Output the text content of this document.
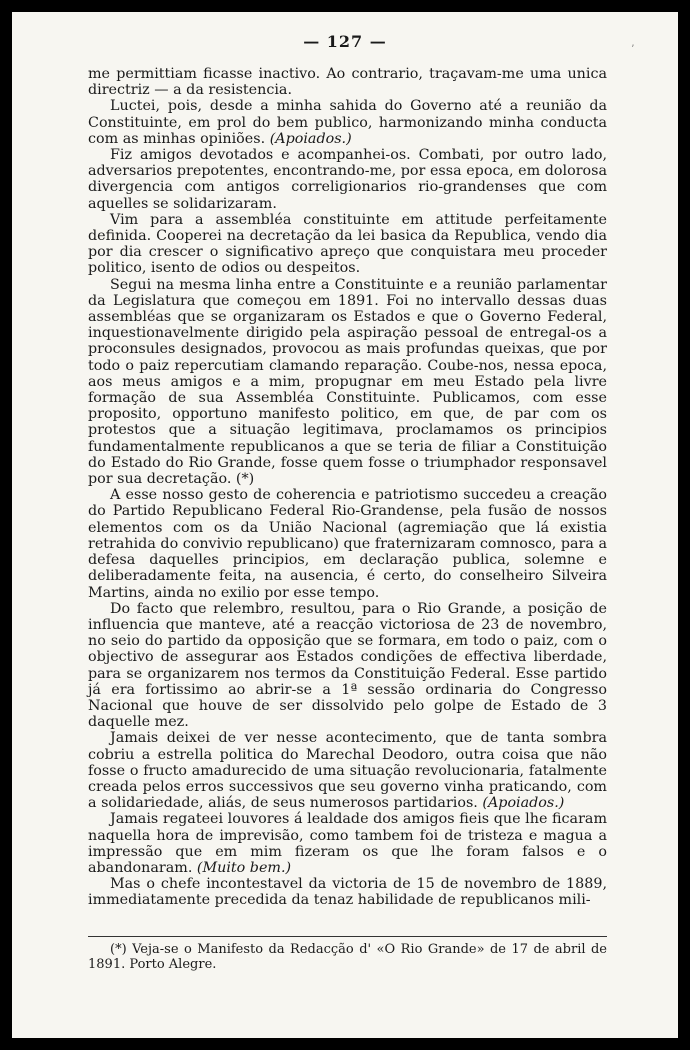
— 127 —	ʼ

me permittiam ficasse inactivo. Ao contrario, traçavam-me uma unica directriz — a da resistencia.

Luctei, pois, desde a minha sahida do Governo até a reunião da Constituinte, em prol do bem publico, harmonizando minha conducta com as minhas opiniões. (Apoiados.)

Fiz amigos devotados e acompanhei-os. Combati, por outro lado, adversarios prepotentes, encontrando-me, por essa epoca, em dolorosa divergencia com antigos correligionarios rio-grandenses que com aquelles se solidarizaram.

Vim para a assembléa constituinte em attitude perfeitamente definida. Cooperei na decretação da lei basica da Republica, vendo dia por dia crescer o significativo apreço que conquistara meu proceder politico, isento de odios ou despeitos.

Segui na mesma linha entre a Constituinte e a reunião parlamentar da Legislatura que começou em 1891. Foi no intervallo dessas duas assembléas que se organizaram os Estados e que o Governo Federal, inquestionavelmente dirigido pela aspiração pessoal de entregal-os a proconsules designados, provocou as mais profundas queixas, que por todo o paiz repercutiam clamando reparação. Coube-nos, nessa epoca, aos meus amigos e a mim, propugnar em meu Estado pela livre formação de sua Assembléa Constituinte. Publicamos, com esse proposito, opportuno manifesto politico, em que, de par com os protestos que a situação legitimava, proclamamos os principios fundamentalmente republicanos a que se teria de filiar a Constituição do Estado do Rio Grande, fosse quem fosse o triumphador responsavel por sua decretação. (*)

A esse nosso gesto de coherencia e patriotismo succedeu a creação do Partido Republicano Federal Rio-Grandense, pela fusão de nossos elementos com os da União Nacional (agremiação que lá existia retrahida do convivio republicano) que fraternizaram comnosco, para a defesa daquelles principios, em declaração publica, solemne e deliberadamente feita, na ausencia, é certo, do conselheiro Silveira Martins, ainda no exilio por esse tempo.

Do facto que relembro, resultou, para o Rio Grande, a posição de influencia que manteve, até a reacção victoriosa de 23 de novembro, no seio do partido da opposição que se formara, em todo o paiz, com o objectivo de assegurar aos Estados condições de effectiva liberdade, para se organizarem nos termos da Constituição Federal. Esse partido já era fortissimo ao abrir-se a 1ª sessão ordinaria do Congresso Nacional que houve de ser dissolvido pelo golpe de Estado de 3 daquelle mez.

Jamais deixei de ver nesse acontecimento, que de tanta sombra cobriu a estrella politica do Marechal Deodoro, outra coisa que não fosse o fructo amadurecido de uma situação revolucionaria, fatalmente creada pelos erros successivos que seu governo vinha praticando, com a solidariedade, aliás, de seus numerosos partidarios. (Apoiados.)

Jamais regateei louvores á lealdade dos amigos fieis que lhe ficaram naquella hora de imprevisão, como tambem foi de tristeza e magua a impressão que em mim fizeram os que lhe foram falsos e o abandonaram. (Muito bem.)

Mas o chefe incontestavel da victoria de 15 de novembro de 1889, immediatamente precedida da tenaz habilidade de republicanos mili-

(*) Veja-se o Manifesto da Redacção d' «O Rio Grande» de 17 de abril de 1891. Porto Alegre.
